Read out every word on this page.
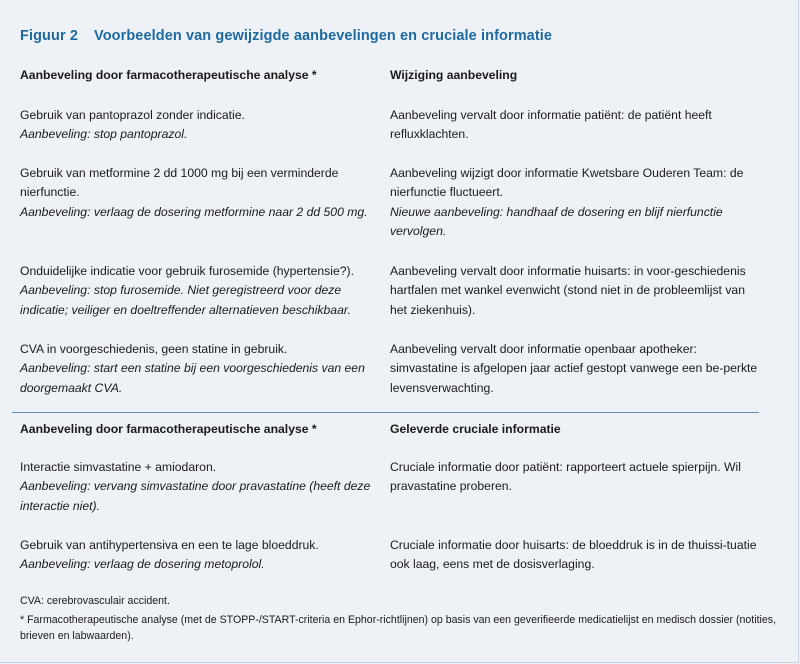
Figuur 2 Voorbeelden van gewijzigde aanbevelingen en cruciale informatie
Aanbeveling door farmacotherapeutische analyse *	Wijziging aanbeveling
Gebruik van pantoprazol zonder indicatie.
Aanbeveling: stop pantoprazol.
Aanbeveling vervalt door informatie patiënt: de patiënt heeft refluxklachten.
Gebruik van metformine 2 dd 1000 mg bij een verminderde nierfunctie.
Aanbeveling: verlaag de dosering metformine naar 2 dd 500 mg.
Aanbeveling wijzigt door informatie Kwetsbare Ouderen Team: de nierfunctie fluctueert.
Nieuwe aanbeveling: handhaaf de dosering en blijf nierfunctie vervolgen.
Onduidelijke indicatie voor gebruik furosemide (hypertensie?).
Aanbeveling: stop furosemide. Niet geregistreerd voor deze indicatie; veiliger en doeltreffender alternatieven beschikbaar.
Aanbeveling vervalt door informatie huisarts: in voor-geschiedenis hartfalen met wankel evenwicht (stond niet in de probleemlijst van het ziekenhuis).
CVA in voorgeschiedenis, geen statine in gebruik.
Aanbeveling: start een statine bij een voorgeschiedenis van een doorgemaakt CVA.
Aanbeveling vervalt door informatie openbaar apotheker: simvastatine is afgelopen jaar actief gestopt vanwege een be-perkte levensverwachting.
Aanbeveling door farmacotherapeutische analyse *	Geleverde cruciale informatie
Interactie simvastatine + amiodaron.
Aanbeveling: vervang simvastatine door pravastatine (heeft deze interactie niet).
Cruciale informatie door patiënt: rapporteert actuele spierpijn. Wil pravastatine proberen.
Gebruik van antihypertensiva en een te lage bloeddruk.
Aanbeveling: verlaag de dosering metoprolol.
Cruciale informatie door huisarts: de bloeddruk is in de thuissi-tuatie ook laag, eens met de dosisverlaging.
CVA: cerebrovasculair accident.
* Farmacotherapeutische analyse (met de STOPP-/START-criteria en Ephor-richtlijnen) op basis van een geverifieerde medicatielijst en medisch dossier (notities, brieven en labwaarden).
